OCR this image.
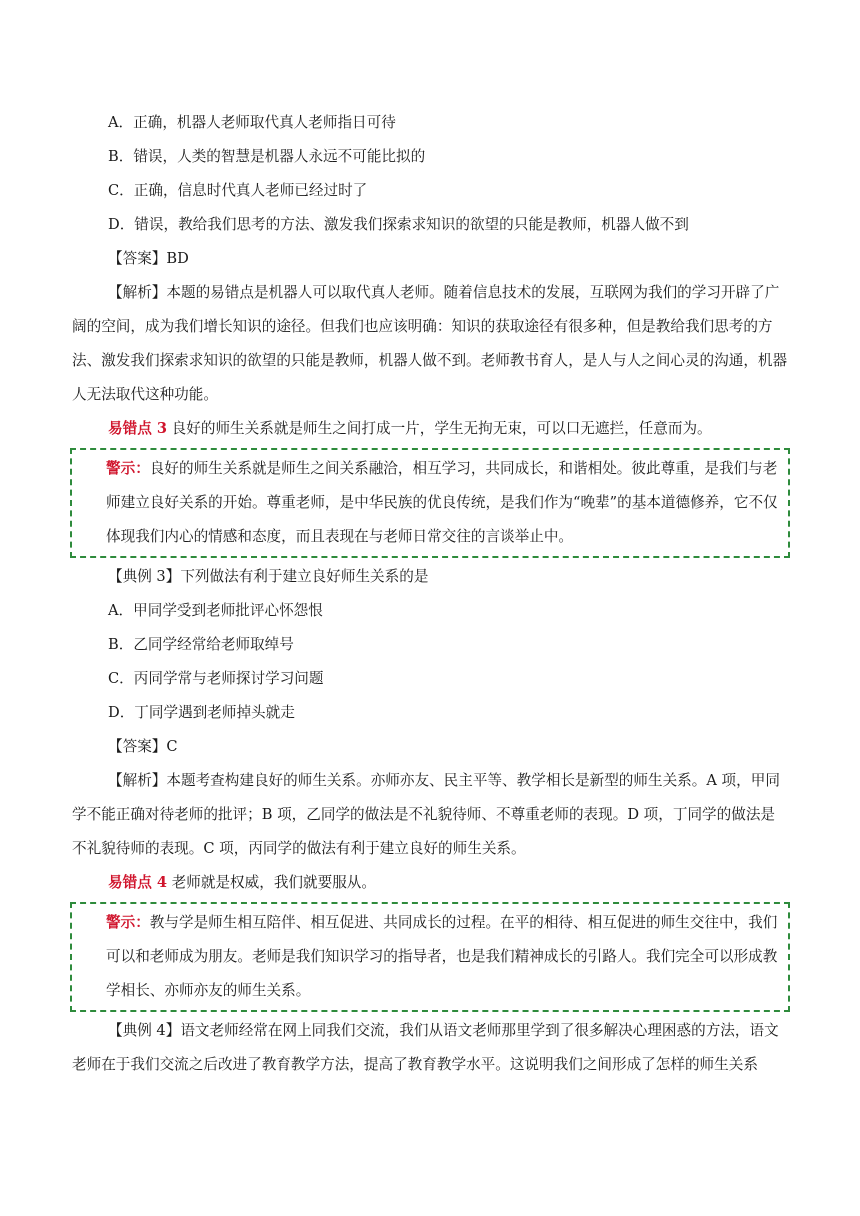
A．正确，机器人老师取代真人老师指日可待

B．错误，人类的智慧是机器人永远不可能比拟的

C．正确，信息时代真人老师已经过时了

D．错误，教给我们思考的方法、激发我们探索求知识的欲望的只能是教师，机器人做不到

【答案】BD

【解析】本题的易错点是机器人可以取代真人老师。随着信息技术的发展，互联网为我们的学习开辟了广阔的空间，成为我们增长知识的途径。但我们也应该明确：知识的获取途径有很多种，但是教给我们思考的方法、激发我们探索求知识的欲望的只能是教师，机器人做不到。老师教书育人，是人与人之间心灵的沟通，机器人无法取代这种功能。

易错点 3 良好的师生关系就是师生之间打成一片，学生无拘无束，可以口无遮拦，任意而为。

警示：良好的师生关系就是师生之间关系融洽，相互学习，共同成长，和谐相处。彼此尊重，是我们与老师建立良好关系的开始。尊重老师，是中华民族的优良传统，是我们作为“晚辈”的基本道德修养，它不仅体现我们内心的情感和态度，而且表现在与老师日常交往的言谈举止中。

【典例 3】下列做法有利于建立良好师生关系的是

A．甲同学受到老师批评心怀怨恨

B．乙同学经常给老师取绰号

C．丙同学常与老师探讨学习问题

D．丁同学遇到老师掉头就走

【答案】C

【解析】本题考查构建良好的师生关系。亦师亦友、民主平等、教学相长是新型的师生关系。A 项，甲同学不能正确对待老师的批评；B 项，乙同学的做法是不礼貌待师、不尊重老师的表现。D 项，丁同学的做法是不礼貌待师的表现。C 项，丙同学的做法有利于建立良好的师生关系。

易错点 4 老师就是权威，我们就要服从。

警示：教与学是师生相互陪伴、相互促进、共同成长的过程。在平的相待、相互促进的师生交往中，我们可以和老师成为朋友。老师是我们知识学习的指导者，也是我们精神成长的引路人。我们完全可以形成教学相长、亦师亦友的师生关系。

【典例 4】语文老师经常在网上同我们交流，我们从语文老师那里学到了很多解决心理困惑的方法，语文老师在于我们交流之后改进了教育教学方法，提高了教育教学水平。这说明我们之间形成了怎样的师生关系
